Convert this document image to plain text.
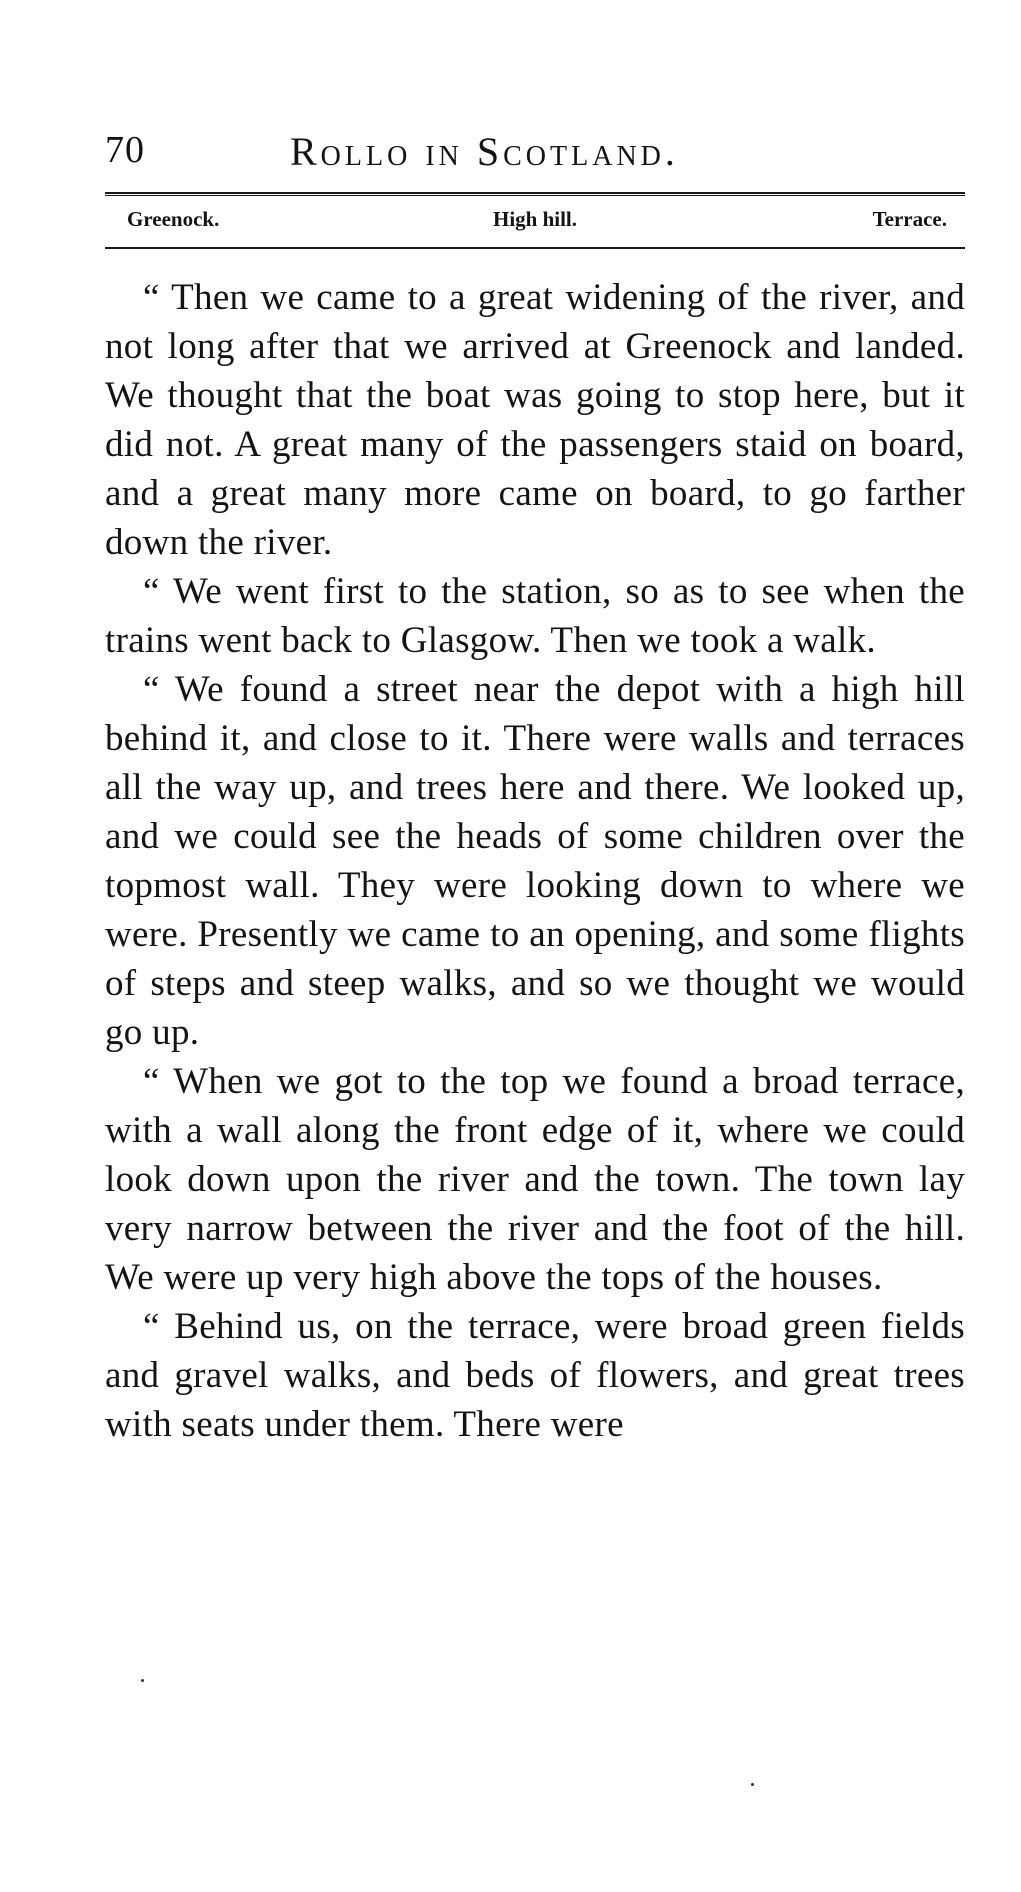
70	Rollo in Scotland.
Greenock.	High hill.	Terrace.

“ Then we came to a great widening of the river, and not long after that we arrived at Greenock and landed. We thought that the boat was going to stop here, but it did not. A great many of the passengers staid on board, and a great many more came on board, to go farther down the river.

“ We went first to the station, so as to see when the trains went back to Glasgow. Then we took a walk.

“ We found a street near the depot with a high hill behind it, and close to it. There were walls and terraces all the way up, and trees here and there. We looked up, and we could see the heads of some children over the topmost wall. They were looking down to where we were. Presently we came to an opening, and some flights of steps and steep walks, and so we thought we would go up.

“ When we got to the top we found a broad terrace, with a wall along the front edge of it, where we could look down upon the river and the town. The town lay very narrow between the river and the foot of the hill. We were up very high above the tops of the houses.

“ Behind us, on the terrace, were broad green fields and gravel walks, and beds of flowers, and great trees with seats under them. There were
